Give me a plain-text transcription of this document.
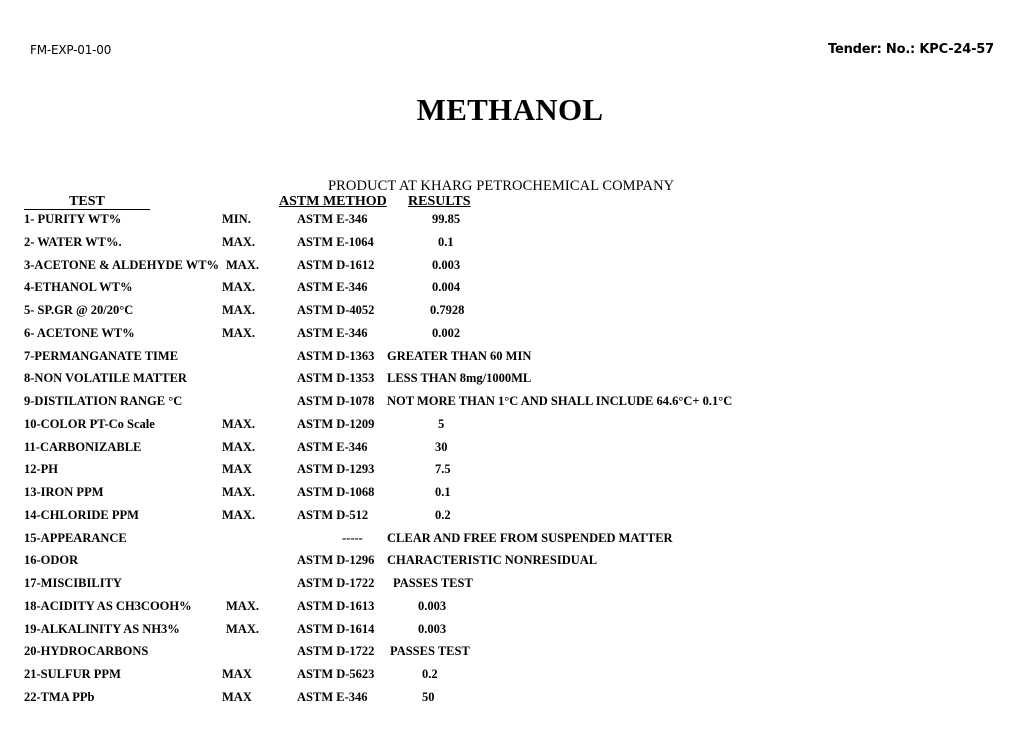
FM-EXP-01-00	Tender: No.: KPC-24-57
METHANOL
PRODUCT AT KHARG PETROCHEMICAL COMPANY
TEST	ASTM METHOD RESULTS
1- PURITY WT%	MIN.	ASTM E-346	99.85
2- WATER WT%.	MAX.	ASTM E-1064	0.1
3-ACETONE & ALDEHYDE WT% MAX.	ASTM D-1612	0.003
4-ETHANOL WT%	MAX.	ASTM E-346	0.004
5- SP.GR @ 20/20°C	MAX.	ASTM D-4052	0.7928
6- ACETONE WT%	MAX.	ASTM E-346	0.002
7-PERMANGANATE TIME	ASTM D-1363 GREATER THAN 60 MIN
8-NON VOLATILE MATTER	ASTM D-1353 LESS THAN 8mg/1000ML
9-DISTILATION RANGE °C	ASTM D-1078 NOT MORE THAN 1°C AND SHALL INCLUDE 64.6°C+ 0.1°C
10-COLOR PT-Co Scale	MAX.	ASTM D-1209	5
11-CARBONIZABLE	MAX.	ASTM E-346	30
12-PH	MAX	ASTM D-1293	7.5
13-IRON PPM	MAX.	ASTM D-1068	0.1
14-CHLORIDE PPM	MAX.	ASTM D-512	0.2
15-APPEARANCE	----- CLEAR AND FREE FROM SUSPENDED MATTER
16-ODOR	ASTM D-1296 CHARACTERISTIC NONRESIDUAL
17-MISCIBILITY	ASTM D-1722 PASSES TEST
18-ACIDITY AS CH3COOH%	MAX.	ASTM D-1613	0.003
19-ALKALINITY AS NH3%	MAX.	ASTM D-1614	0.003
20-HYDROCARBONS	ASTM D-1722 PASSES TEST
21-SULFUR PPM	MAX	ASTM D-5623	0.2
22-TMA PPb	MAX	ASTM E-346	50
